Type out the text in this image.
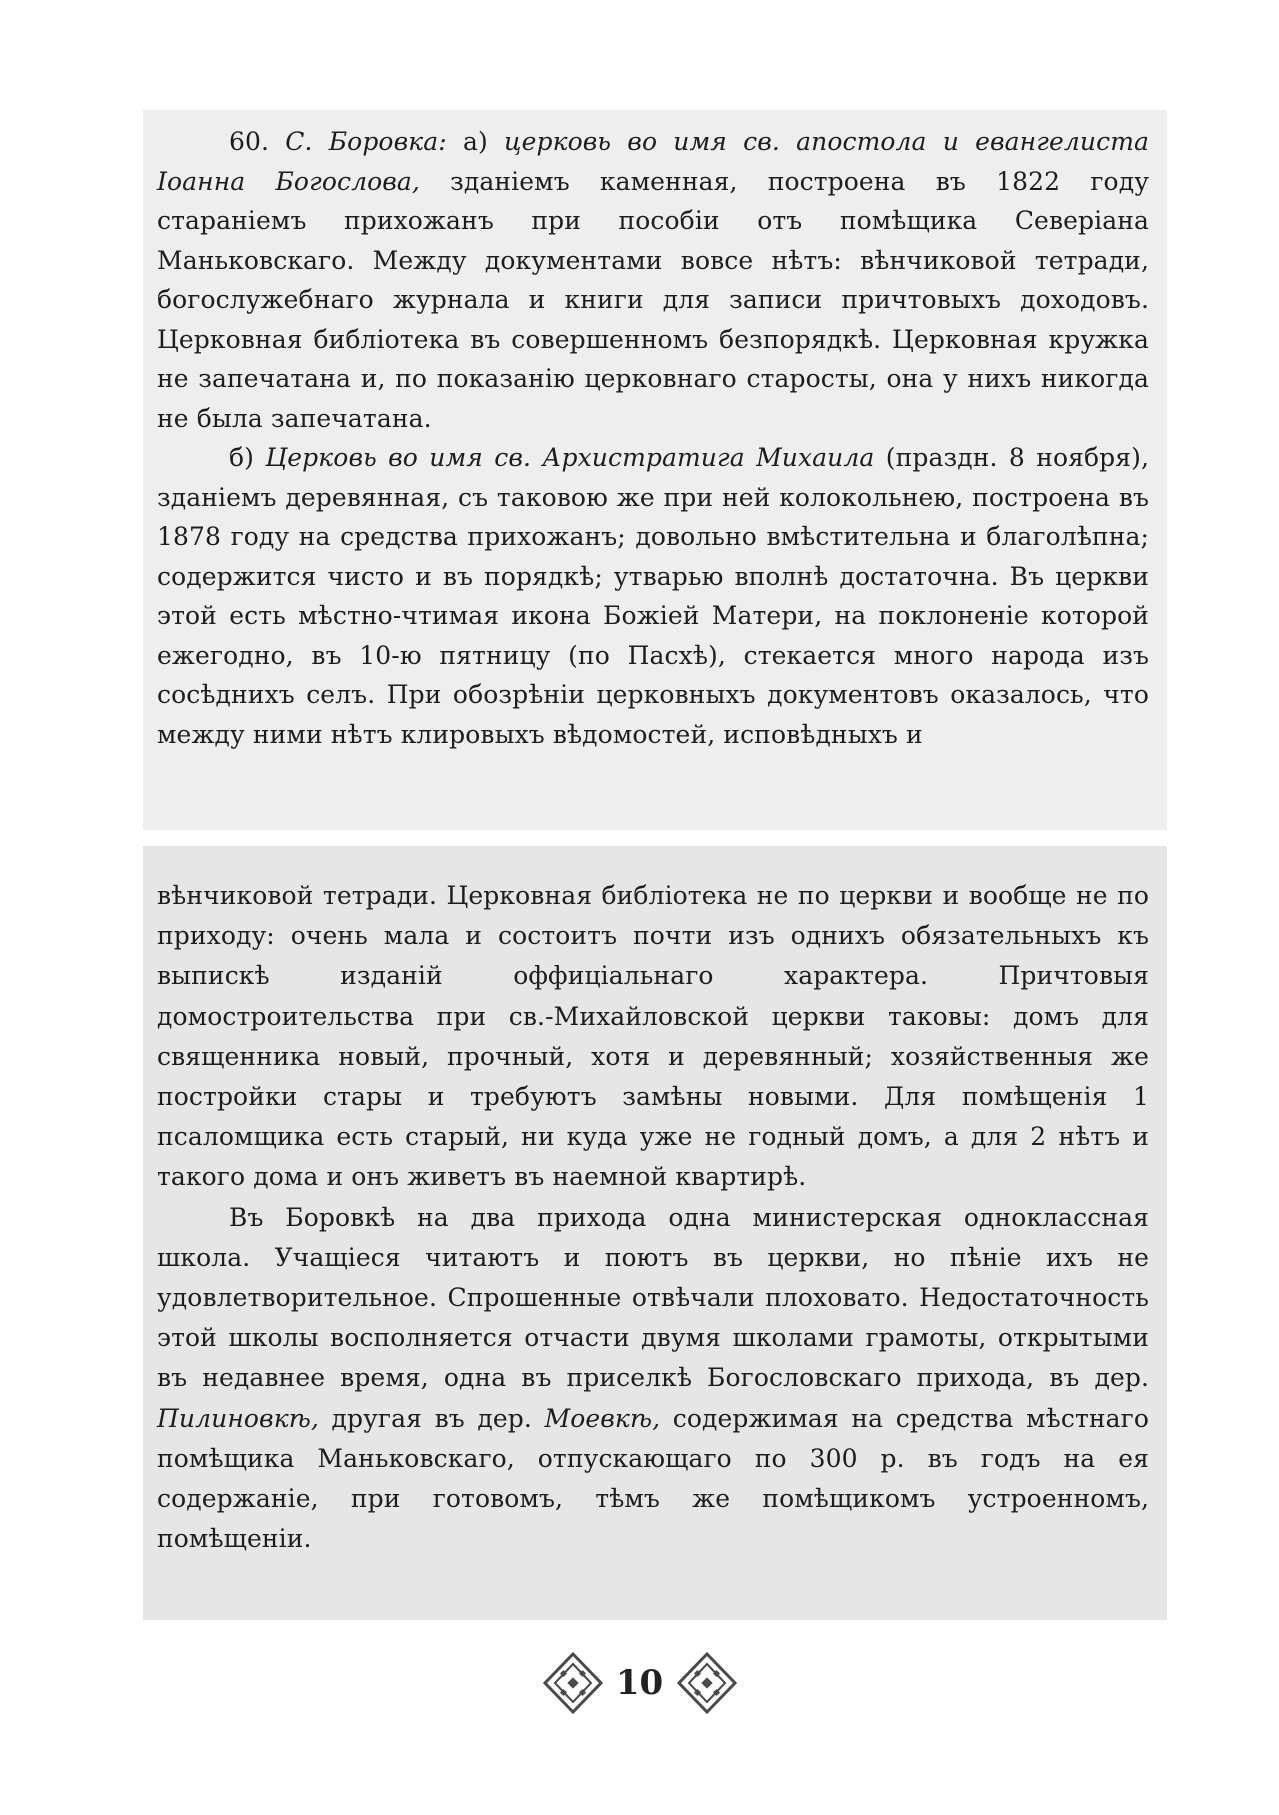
60. С. Боровка: а) церковь во имя св. апостола и евангелиста Іоанна Богослова, зданіемъ каменная, построена въ 1822 году стараніемъ прихожанъ при пособіи отъ помѣщика Северіана Маньковскаго. Между документами вовсе нѣтъ: вѣнчиковой тетради, богослужебнаго журнала и книги для записи причтовыхъ доходовъ. Церковная библіотека въ совершенномъ безпорядкѣ. Церковная кружка не запечатана и, по показанію церковнаго старосты, она у нихъ никогда не была запечатана.

б) Церковь во имя св. Архистратига Михаила (праздн. 8 ноября), зданіемъ деревянная, съ таковою же при ней колокольнею, построена въ 1878 году на средства прихожанъ; довольно вмѣстительна и благолѣпна; содержится чисто и въ порядкѣ; утварью вполнѣ достаточна. Въ церкви этой есть мѣстно-чтимая икона Божіей Матери, на поклоненіе которой ежегодно, въ 10-ю пятницу (по Пасхѣ), стекается много народа изъ сосѣднихъ селъ. При обозрѣніи церковныхъ документовъ оказалось, что между ними нѣтъ клировыхъ вѣдомостей, исповѣдныхъ и

вѣнчиковой тетради. Церковная библіотека не по церкви и вообще не по приходу: очень мала и состоитъ почти изъ однихъ обязательныхъ къ выпискѣ изданій оффиціальнаго характера. Причтовыя домостроительства при св.-Михайловской церкви таковы: домъ для священника новый, прочный, хотя и деревянный; хозяйственныя же постройки стары и требуютъ замѣны новыми. Для помѣщенія 1 псаломщика есть старый, ни куда уже не годный домъ, а для 2 нѣтъ и такого дома и онъ живетъ въ наемной квартирѣ.

Въ Боровкѣ на два прихода одна министерская одноклассная школа. Учащіеся читаютъ и поютъ въ церкви, но пѣніе ихъ не удовлетворительное. Спрошенные отвѣчали плоховато. Недостаточность этой школы восполняется отчасти двумя школами грамоты, открытыми въ недавнее время, одна въ приселкѣ Богословскаго прихода, въ дер. Пилиновкѣ, другая въ дер. Моевкѣ, содержимая на средства мѣстнаго помѣщика Маньковскаго, отпускающаго по 300 р. въ годъ на ея содержаніе, при готовомъ, тѣмъ же помѣщикомъ устроенномъ, помѣщеніи.

10
